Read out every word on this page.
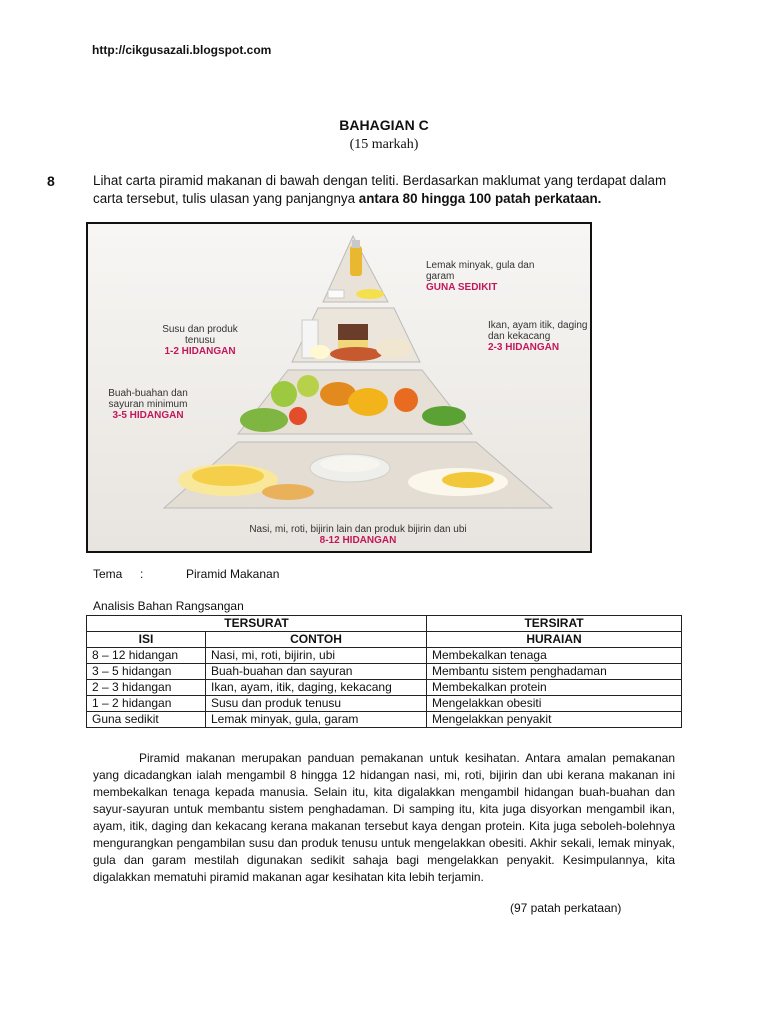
http://cikgusazali.blogspot.com
BAHAGIAN C
(15 markah)
8	Lihat carta piramid makanan di bawah dengan teliti. Berdasarkan maklumat yang terdapat dalam carta tersebut, tulis ulasan yang panjangnya antara 80 hingga 100 patah perkataan.
Lemak minyak, gula dan garam
GUNA SEDIKIT
Susu dan produk tenusu
1-2 HIDANGAN
Ikan, ayam itik, daging dan kekacang
2-3 HIDANGAN
Buah-buahan dan sayuran minimum
3-5 HIDANGAN
Nasi, mi, roti, bijirin lain dan produk bijirin dan ubi
8-12 HIDANGAN
Tema :	Piramid Makanan
Analisis Bahan Rangsangan
TERSURAT		TERSIRAT
ISI	CONTOH	HURAIAN
8 – 12 hidangan	Nasi, mi, roti, bijirin, ubi	Membekalkan tenaga
3 – 5 hidangan	Buah-buahan dan sayuran	Membantu sistem penghadaman
2 – 3 hidangan	Ikan, ayam, itik, daging, kekacang	Membekalkan protein
1 – 2 hidangan	Susu dan produk tenusu	Mengelakkan obesiti
Guna sedikit	Lemak minyak, gula, garam	Mengelakkan penyakit

Piramid makanan merupakan panduan pemakanan untuk kesihatan. Antara amalan pemakanan yang dicadangkan ialah mengambil 8 hingga 12 hidangan nasi, mi, roti, bijirin dan ubi kerana makanan ini membekalkan tenaga kepada manusia. Selain itu, kita digalakkan mengambil hidangan buah-buahan dan sayur-sayuran untuk membantu sistem penghadaman. Di samping itu, kita juga disyorkan mengambil ikan, ayam, itik, daging dan kekacang kerana makanan tersebut kaya dengan protein. Kita juga seboleh-bolehnya mengurangkan pengambilan susu dan produk tenusu untuk mengelakkan obesiti. Akhir sekali, lemak minyak, gula dan garam mestilah digunakan sedikit sahaja bagi mengelakkan penyakit. Kesimpulannya, kita digalakkan mematuhi piramid makanan agar kesihatan kita lebih terjamin.

(97 patah perkataan)
